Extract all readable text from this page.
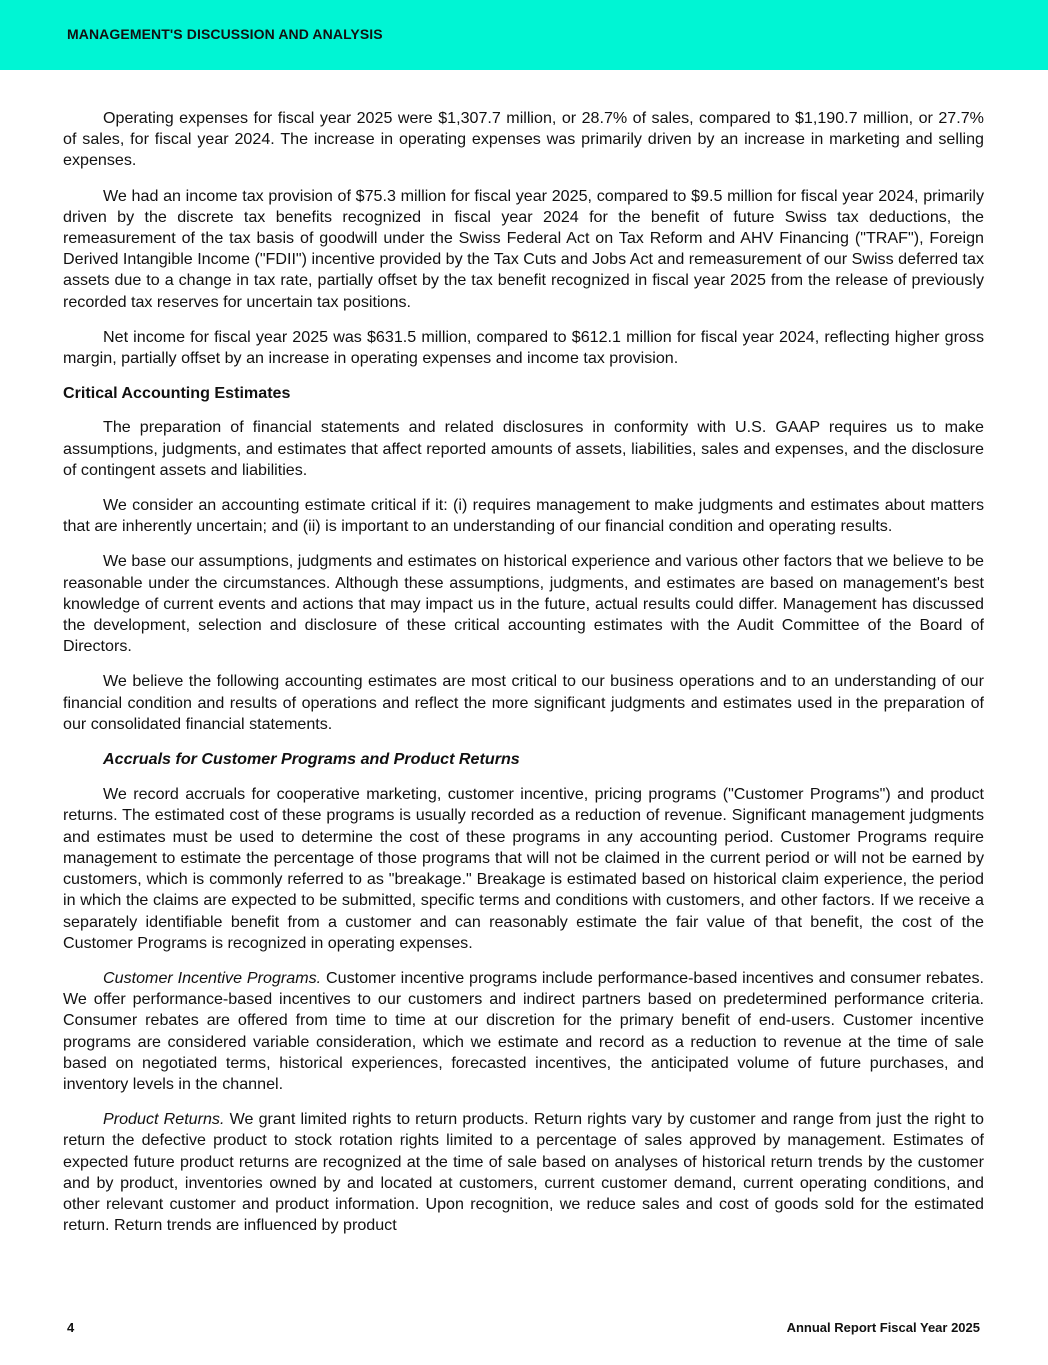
MANAGEMENT'S DISCUSSION AND ANALYSIS

Operating expenses for fiscal year 2025 were $1,307.7 million, or 28.7% of sales, compared to $1,190.7 million, or 27.7% of sales, for fiscal year 2024. The increase in operating expenses was primarily driven by an increase in marketing and selling expenses.

We had an income tax provision of $75.3 million for fiscal year 2025, compared to $9.5 million for fiscal year 2024, primarily driven by the discrete tax benefits recognized in fiscal year 2024 for the benefit of future Swiss tax deductions, the remeasurement of the tax basis of goodwill under the Swiss Federal Act on Tax Reform and AHV Financing ("TRAF"), Foreign Derived Intangible Income ("FDII") incentive provided by the Tax Cuts and Jobs Act and remeasurement of our Swiss deferred tax assets due to a change in tax rate, partially offset by the tax benefit recognized in fiscal year 2025 from the release of previously recorded tax reserves for uncertain tax positions.

Net income for fiscal year 2025 was $631.5 million, compared to $612.1 million for fiscal year 2024, reflecting higher gross margin, partially offset by an increase in operating expenses and income tax provision.

Critical Accounting Estimates

The preparation of financial statements and related disclosures in conformity with U.S. GAAP requires us to make assumptions, judgments, and estimates that affect reported amounts of assets, liabilities, sales and expenses, and the disclosure of contingent assets and liabilities.

We consider an accounting estimate critical if it: (i) requires management to make judgments and estimates about matters that are inherently uncertain; and (ii) is important to an understanding of our financial condition and operating results.

We base our assumptions, judgments and estimates on historical experience and various other factors that we believe to be reasonable under the circumstances. Although these assumptions, judgments, and estimates are based on management's best knowledge of current events and actions that may impact us in the future, actual results could differ. Management has discussed the development, selection and disclosure of these critical accounting estimates with the Audit Committee of the Board of Directors.

We believe the following accounting estimates are most critical to our business operations and to an understanding of our financial condition and results of operations and reflect the more significant judgments and estimates used in the preparation of our consolidated financial statements.

Accruals for Customer Programs and Product Returns

We record accruals for cooperative marketing, customer incentive, pricing programs ("Customer Programs") and product returns. The estimated cost of these programs is usually recorded as a reduction of revenue. Significant management judgments and estimates must be used to determine the cost of these programs in any accounting period. Customer Programs require management to estimate the percentage of those programs that will not be claimed in the current period or will not be earned by customers, which is commonly referred to as "breakage." Breakage is estimated based on historical claim experience, the period in which the claims are expected to be submitted, specific terms and conditions with customers, and other factors. If we receive a separately identifiable benefit from a customer and can reasonably estimate the fair value of that benefit, the cost of the Customer Programs is recognized in operating expenses.

Customer Incentive Programs. Customer incentive programs include performance-based incentives and consumer rebates. We offer performance-based incentives to our customers and indirect partners based on predetermined performance criteria. Consumer rebates are offered from time to time at our discretion for the primary benefit of end-users. Customer incentive programs are considered variable consideration, which we estimate and record as a reduction to revenue at the time of sale based on negotiated terms, historical experiences, forecasted incentives, the anticipated volume of future purchases, and inventory levels in the channel.

Product Returns. We grant limited rights to return products. Return rights vary by customer and range from just the right to return the defective product to stock rotation rights limited to a percentage of sales approved by management. Estimates of expected future product returns are recognized at the time of sale based on analyses of historical return trends by the customer and by product, inventories owned by and located at customers, current customer demand, current operating conditions, and other relevant customer and product information. Upon recognition, we reduce sales and cost of goods sold for the estimated return. Return trends are influenced by product

4	Annual Report Fiscal Year 2025
